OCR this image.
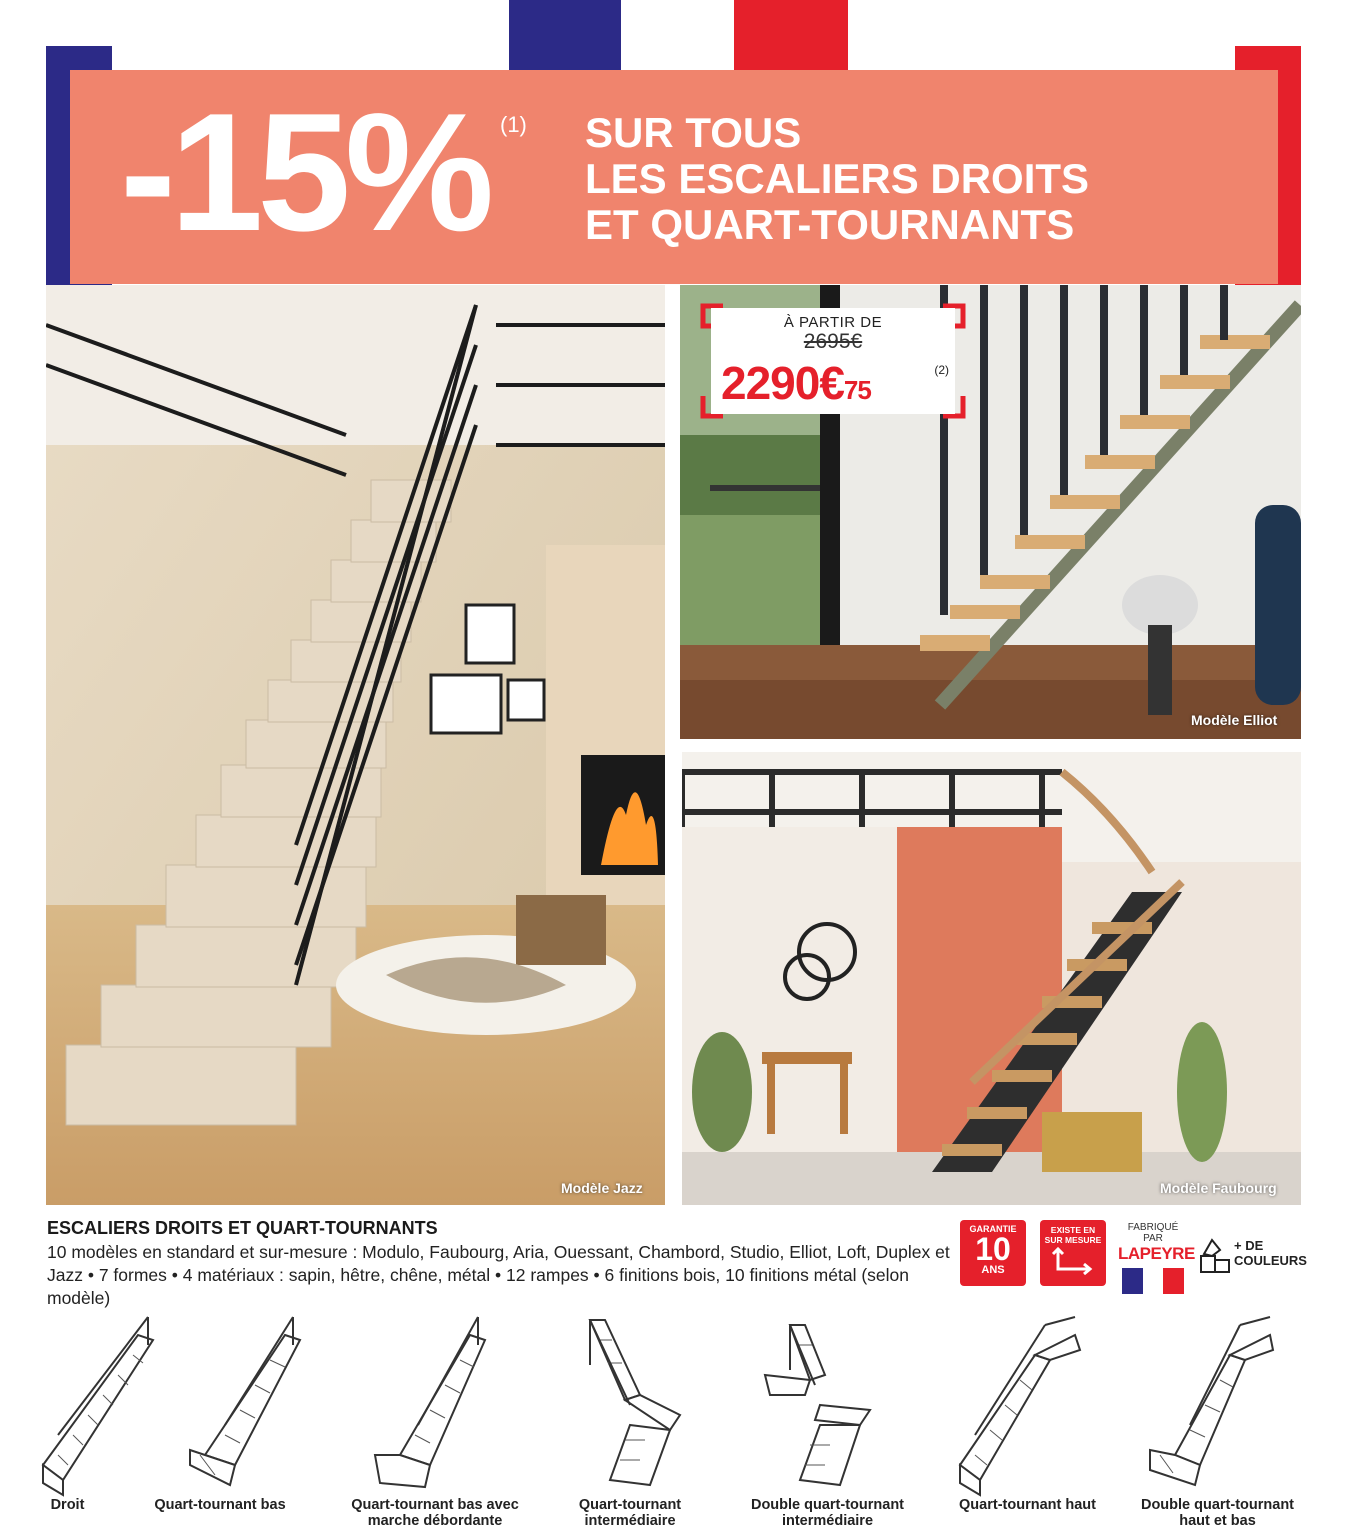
-15% (1) SUR TOUS
LES ESCALIERS DROITS
ET QUART-TOURNANTS
Modèle Jazz
Modèle Elliot
À PARTIR DE
2695€
2290€75
(2)
Modèle Faubourg
ESCALIERS DROITS ET QUART-TOURNANTS
10 modèles en standard et sur-mesure : Modulo, Faubourg, Aria, Ouessant, Chambord, Studio, Elliot, Loft, Duplex et Jazz • 7 formes • 4 matériaux : sapin, hêtre, chêne, métal • 12 rampes • 6 finitions bois, 10 finitions métal (selon modèle)
GARANTIE
10
ANS
EXISTE EN
SUR MESURE
FABRIQUÉ PAR
LAPEYRE	+ DE
COULEURS
Droit	Quart-tournant bas	Quart-tournant bas avec
marche débordante
Quart-tournant
intermédiaire
Double quart-tournant
intermédiaire
Quart-tournant haut	Double quart-tournant
haut et bas
